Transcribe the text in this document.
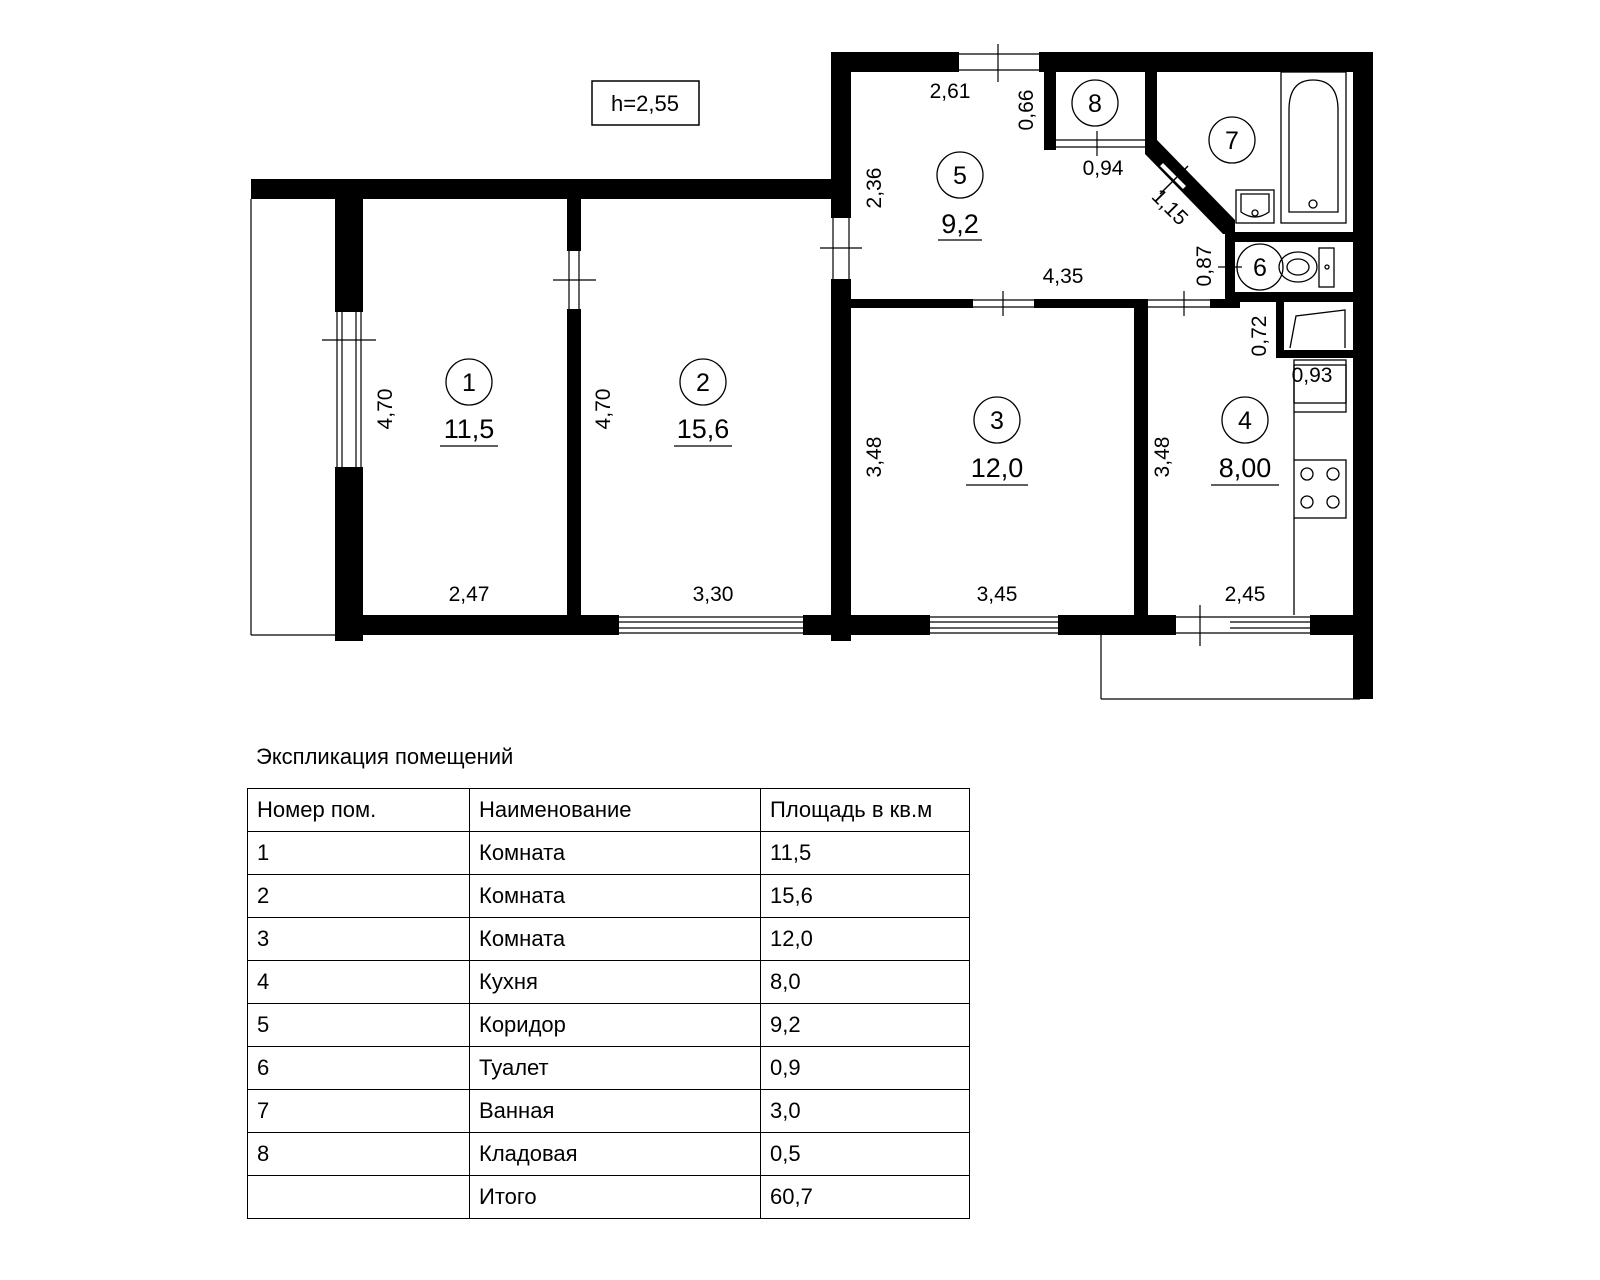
h=2,55
1	2
3	4
5
6
7
8
11,5	15,6
12,0	8,00
9,2
4,70
2,47
4,70
3,30
3,48
3,45
3,48
2,45
2,61
2,36
4,35
0,66
0,94
1,15
0,87
0,72
0,93
Экспликация помещений
Номер пом.	Наименование	Площадь в кв.м
1	Комната	11,5
2	Комната	15,6
3	Комната	12,0
4	Кухня	8,0
5	Коридор	9,2
6	Туалет	0,9
7	Ванная	3,0
8	Кладовая	0,5
	Итого	60,7
